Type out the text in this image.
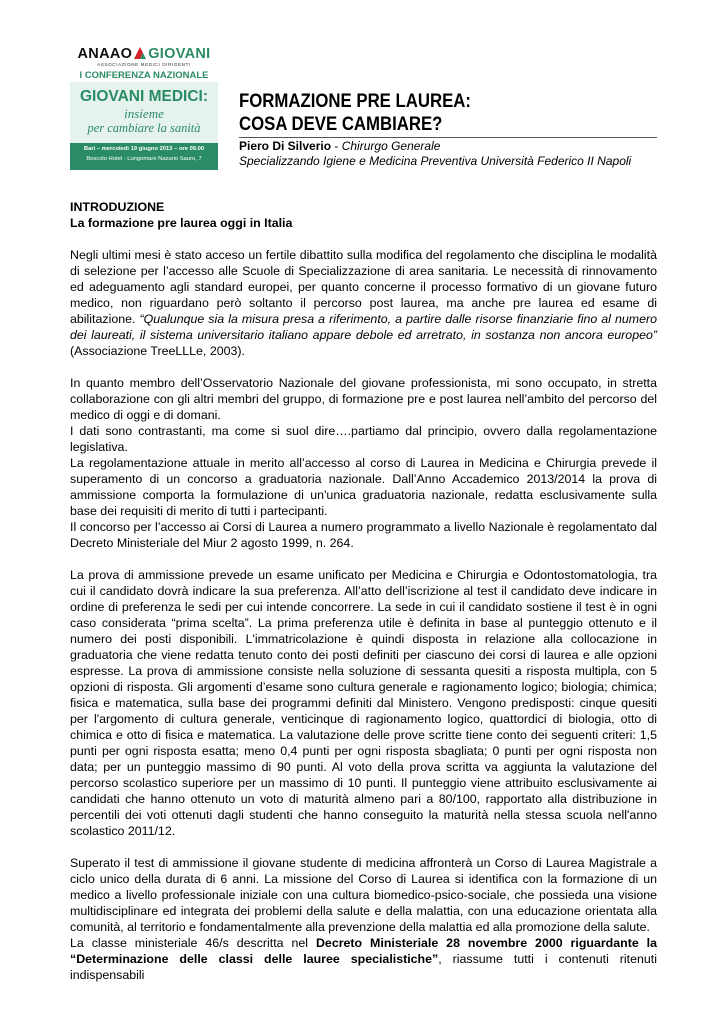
ANAAO GIOVANI
ASSOCIAZIONE MEDICI DIRIGENTI
I CONFERENZA NAZIONALE
GIOVANI MEDICI:
insieme
per cambiare la sanità
Bari – mercoledì 19 giugno 2013 – ore 09.00
Boscolo Hotel - Lungomare Nazario Sauro, 7
FORMAZIONE PRE LAUREA:
COSA DEVE CAMBIARE?
Piero Di Silverio - Chirurgo Generale
Specializzando Igiene e Medicina Preventiva Università Federico II Napoli

INTRODUZIONE

La formazione pre laurea oggi in Italia

Negli ultimi mesi è stato acceso un fertile dibattito sulla modifica del regolamento che disciplina le modalità di selezione per l’accesso alle Scuole di Specializzazione di area sanitaria. Le necessità di rinnovamento ed adeguamento agli standard europei, per quanto concerne il processo formativo di un giovane futuro medico, non riguardano però soltanto il percorso post laurea, ma anche pre laurea ed esame di abilitazione. “Qualunque sia la misura presa a riferimento, a partire dalle risorse finanziarie fino al numero dei laureati, il sistema universitario italiano appare debole ed arretrato, in sostanza non ancora europeo” (Associazione TreeLLLe, 2003).

In quanto membro dell’Osservatorio Nazionale del giovane professionista, mi sono occupato, in stretta collaborazione con gli altri membri del gruppo, di formazione pre e post laurea nell’ambito del percorso del medico di oggi e di domani.

I dati sono contrastanti, ma come si suol dire….partiamo dal principio, ovvero dalla regolamentazione legislativa.

La regolamentazione attuale in merito all’accesso al corso di Laurea in Medicina e Chirurgia prevede il superamento di un concorso a graduatoria nazionale. Dall’Anno Accademico 2013/2014 la prova di ammissione comporta la formulazione di un'unica graduatoria nazionale, redatta esclusivamente sulla base dei requisiti di merito di tutti i partecipanti.

Il concorso per l’accesso ai Corsi di Laurea a numero programmato a livello Nazionale è regolamentato dal Decreto Ministeriale del Miur 2 agosto 1999, n. 264.

La prova di ammissione prevede un esame unificato per Medicina e Chirurgia e Odontostomatologia, tra cui il candidato dovrà indicare la sua preferenza. All’atto dell’iscrizione al test il candidato deve indicare in ordine di preferenza le sedi per cui intende concorrere. La sede in cui il candidato sostiene il test è in ogni caso considerata “prima scelta”. La prima preferenza utile è definita in base al punteggio ottenuto e il numero dei posti disponibili. L'immatricolazione è quindi disposta in relazione alla collocazione in graduatoria che viene redatta tenuto conto dei posti definiti per ciascuno dei corsi di laurea e alle opzioni espresse. La prova di ammissione consiste nella soluzione di sessanta quesiti a risposta multipla, con 5 opzioni di risposta. Gli argomenti d’esame sono cultura generale e ragionamento logico; biologia; chimica; fisica e matematica, sulla base dei programmi definiti dal Ministero. Vengono predisposti: cinque quesiti per l'argomento di cultura generale, venticinque di ragionamento logico, quattordici di biologia, otto di chimica e otto di fisica e matematica. La valutazione delle prove scritte tiene conto dei seguenti criteri: 1,5 punti per ogni risposta esatta; meno 0,4 punti per ogni risposta sbagliata; 0 punti per ogni risposta non data; per un punteggio massimo di 90 punti. Al voto della prova scritta va aggiunta la valutazione del percorso scolastico superiore per un massimo di 10 punti. Il punteggio viene attribuito esclusivamente ai candidati che hanno ottenuto un voto di maturità almeno pari a 80/100, rapportato alla distribuzione in percentili dei voti ottenuti dagli studenti che hanno conseguito la maturità nella stessa scuola nell'anno scolastico 2011/12.

Superato il test di ammissione il giovane studente di medicina affronterà un Corso di Laurea Magistrale a ciclo unico della durata di 6 anni. La missione del Corso di Laurea si identifica con la formazione di un medico a livello professionale iniziale con una cultura biomedico-psico-sociale, che possieda una visione multidisciplinare ed integrata dei problemi della salute e della malattia, con una educazione orientata alla comunità, al territorio e fondamentalmente alla prevenzione della malattia ed alla promozione della salute.

La classe ministeriale 46/s descritta nel Decreto Ministeriale 28 novembre 2000 riguardante la “Determinazione delle classi delle lauree specialistiche”, riassume tutti i contenuti ritenuti indispensabili
